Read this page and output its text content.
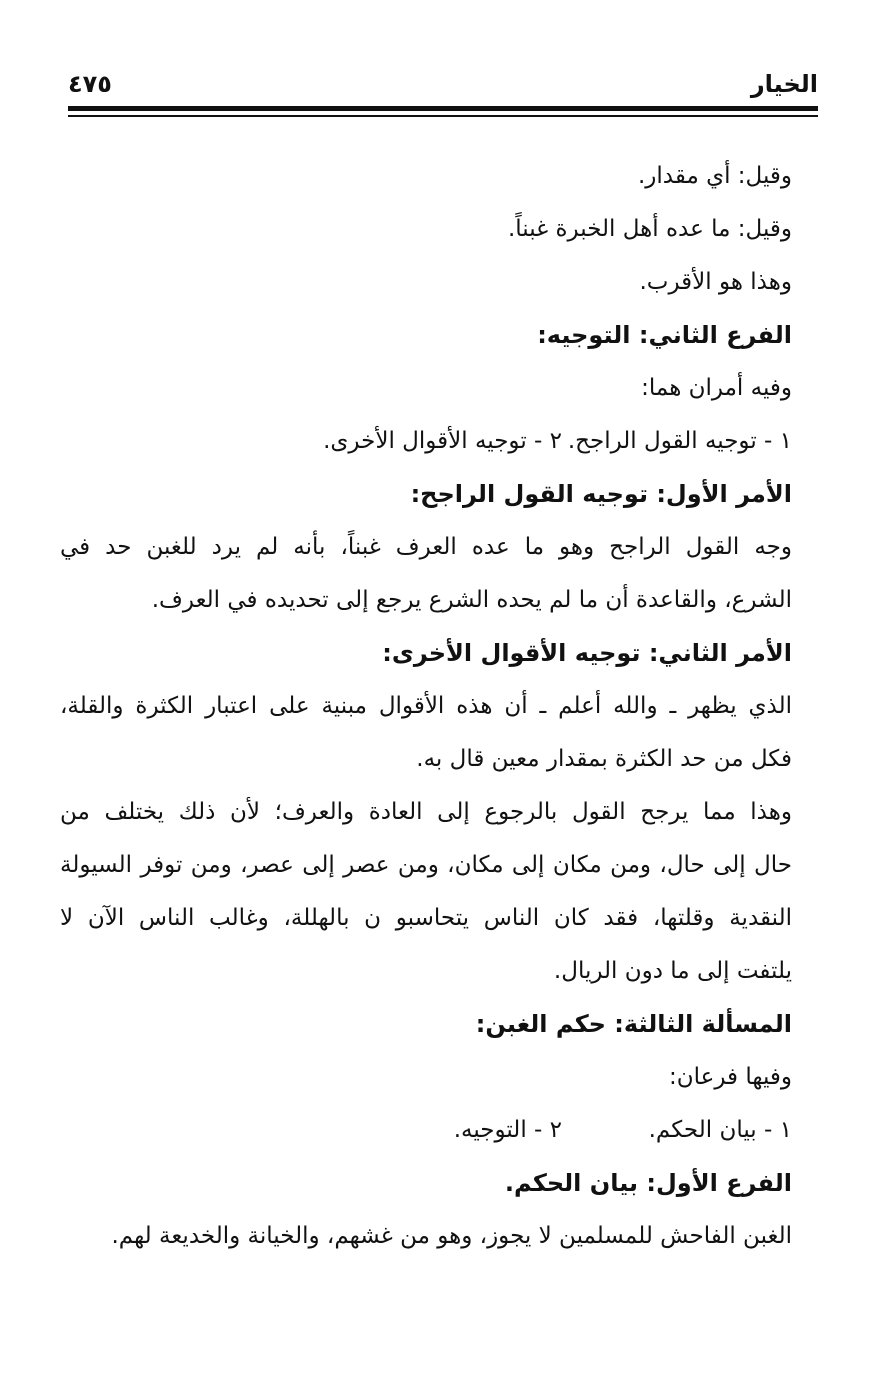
الخيار
٤٧٥

وقيل: أي مقدار.

وقيل: ما عده أهل الخبرة غبناً.

وهذا هو الأقرب.

الفرع الثاني: التوجيه:

وفيه أمران هما:

١ - توجيه القول الراجح.
٢ - توجيه الأقوال الأخرى.

الأمر الأول: توجيه القول الراجح:

وجه القول الراجح وهو ما عده العرف غبناً، بأنه لم يرد للغبن حد في

الشرع، والقاعدة أن ما لم يحده الشرع يرجع إلى تحديده في العرف.

الأمر الثاني: توجيه الأقوال الأخرى:

الذي يظهر ـ والله أعلم ـ أن هذه الأقوال مبنية على اعتبار الكثرة والقلة،

فكل من حد الكثرة بمقدار معين قال به.

وهذا مما يرجح القول بالرجوع إلى العادة والعرف؛ لأن ذلك يختلف من

حال إلى حال، ومن مكان إلى مكان، ومن عصر إلى عصر، ومن توفر السيولة

النقدية وقلتها، فقد كان الناس يتحاسبو ن بالهللة، وغالب الناس الآن لا

يلتفت إلى ما دون الريال.

المسألة الثالثة: حكم الغبن:

وفيها فرعان:

١ - بيان الحكم.
٢ - التوجيه.

الفرع الأول: بيان الحكم.

الغبن الفاحش للمسلمين لا يجوز، وهو من غشهم، والخيانة والخديعة لهم.
